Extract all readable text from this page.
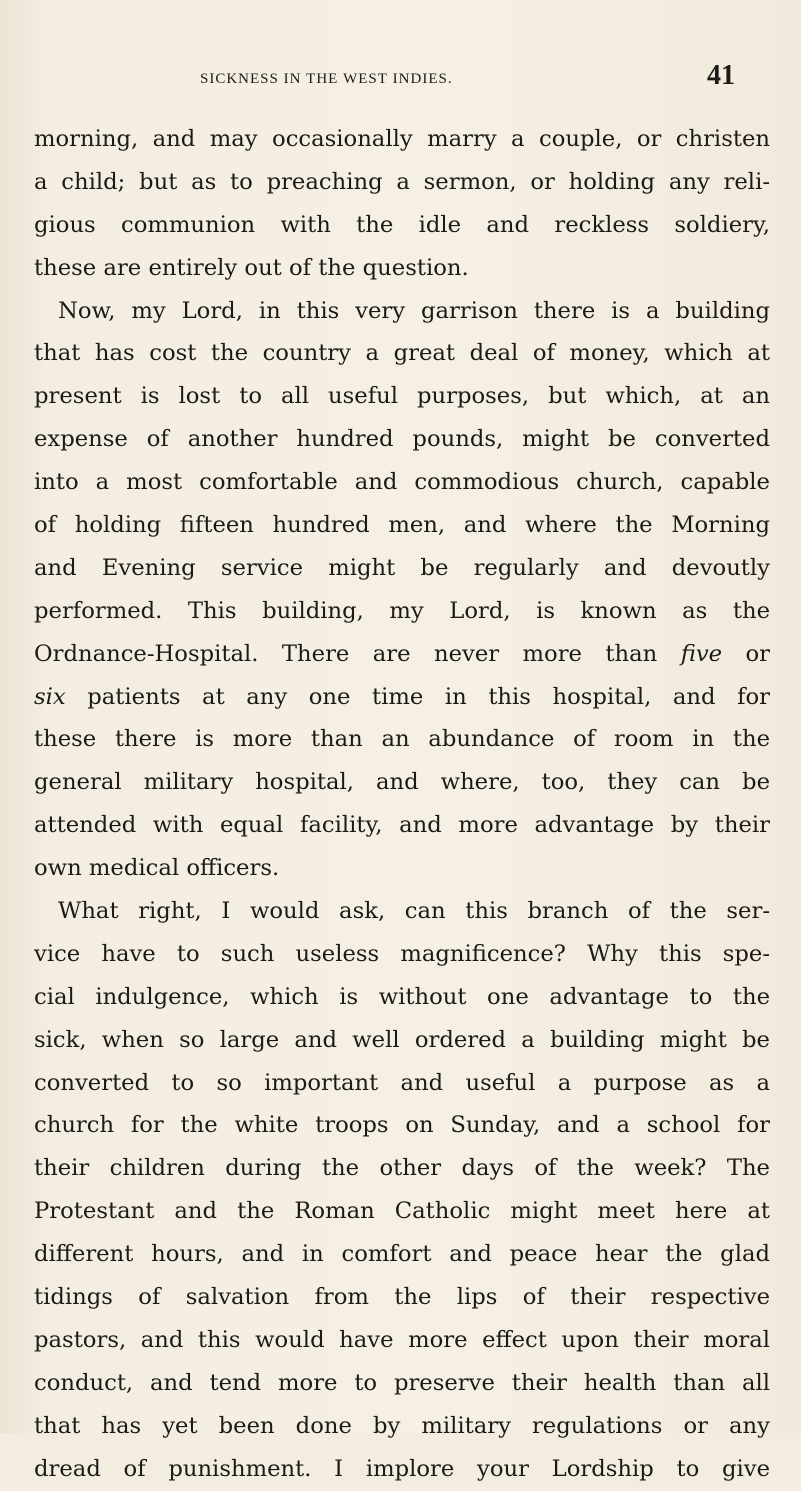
sickness in the west indies.	41
morning, and may occasionally marry a couple, or christen
a child; but as to preaching a sermon, or holding any reli-
gious communion with the idle and reckless soldiery,
these are entirely out of the question.
Now, my Lord, in this very garrison there is a building
that has cost the country a great deal of money, which at
present is lost to all useful purposes, but which, at an
expense of another hundred pounds, might be converted
into a most comfortable and commodious church, capable
of holding fifteen hundred men, and where the Morning
and Evening service might be regularly and devoutly
performed. This building, my Lord, is known as the
Ordnance-Hospital. There are never more than five or
six patients at any one time in this hospital, and for
these there is more than an abundance of room in the
general military hospital, and where, too, they can be
attended with equal facility, and more advantage by their
own medical officers.
What right, I would ask, can this branch of the ser-
vice have to such useless magnificence? Why this spe-
cial indulgence, which is without one advantage to the
sick, when so large and well ordered a building might be
converted to so important and useful a purpose as a
church for the white troops on Sunday, and a school for
their children during the other days of the week? The
Protestant and the Roman Catholic might meet here at
different hours, and in comfort and peace hear the glad
tidings of salvation from the lips of their respective
pastors, and this would have more effect upon their moral
conduct, and tend more to preserve their health than all
that has yet been done by military regulations or any
dread of punishment. I implore your Lordship to give
